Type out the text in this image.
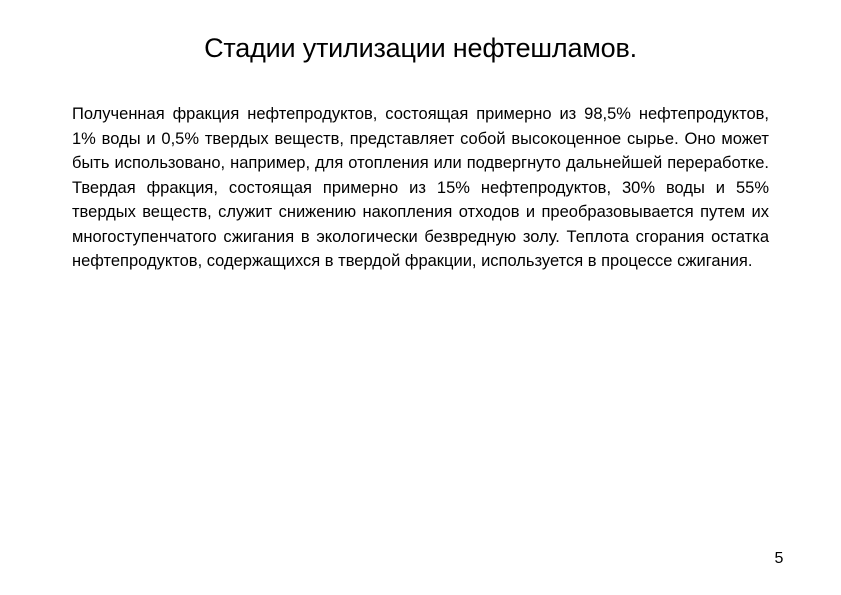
Стадии утилизации нефтешламов.

Полученная фракция нефтепродуктов, состоящая примерно из 98,5% нефтепродуктов, 1% воды и 0,5% твердых веществ, представляет собой высокоценное сырье. Оно может быть использовано, например, для отопления или подвергнуто дальнейшей переработке. Твердая фракция, состоящая примерно из 15% нефтепродуктов, 30% воды и 55% твердых веществ, служит снижению накопления отходов и преобразовывается путем их многоступенчатого сжигания в экологически безвредную золу. Теплота сгорания остатка нефтепродуктов, содержащихся в твердой фракции, используется в процессе сжигания.

5
